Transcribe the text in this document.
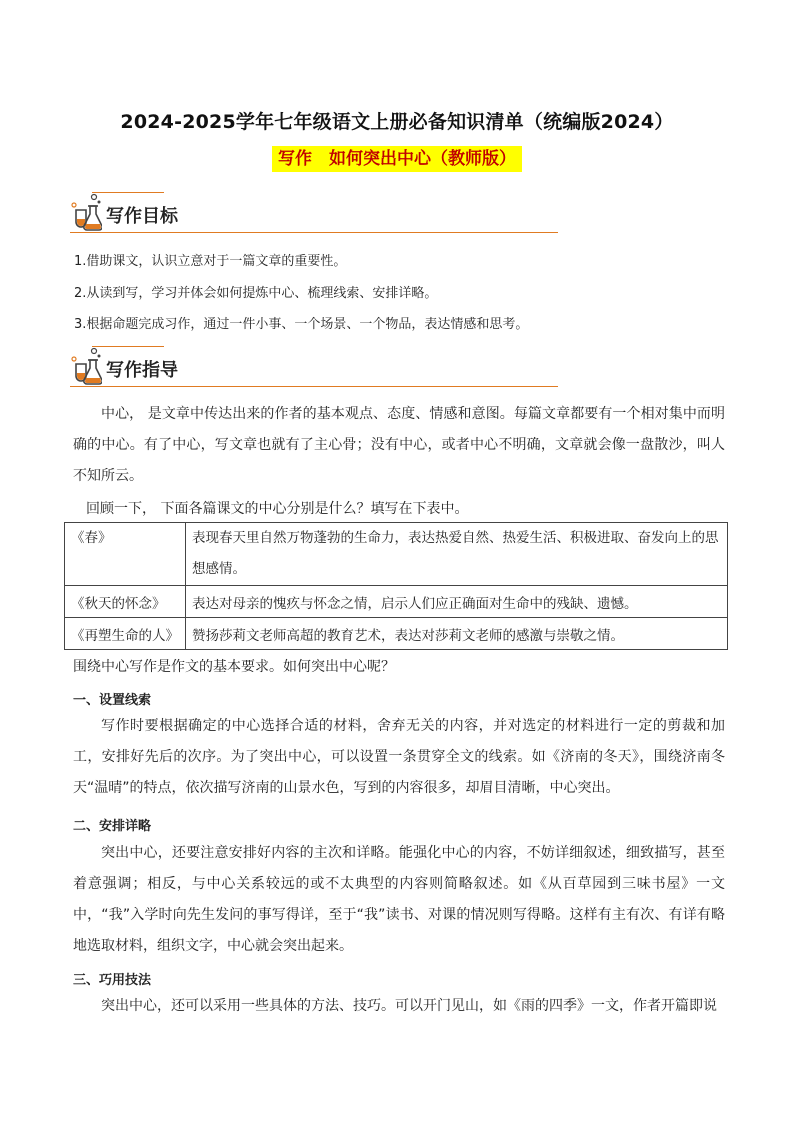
2024-2025学年七年级语文上册必备知识清单（统编版2024）
写作　如何突出中心（教师版）
写作目标
1.借助课文，认识立意对于一篇文章的重要性。
2.从读到写，学习并体会如何提炼中心、梳理线索、安排详略。
3.根据命题完成习作，通过一件小事、一个场景、一个物品，表达情感和思考。
写作指导

中心， 是文章中传达出来的作者的基本观点、态度、情感和意图。每篇文章都要有一个相对集中而明确的中心。有了中心，写文章也就有了主心骨；没有中心，或者中心不明确，文章就会像一盘散沙，叫人不知所云。

回顾一下， 下面各篇课文的中心分别是什么？填写在下表中。
《春》	表现春天里自然万物蓬勃的生命力，表达热爱自然、热爱生活、积极进取、奋发向上的思想感情。
《秋天的怀念》	表达对母亲的愧疚与怀念之情，启示人们应正确面对生命中的残缺、遗憾。
《再塑生命的人》	赞扬莎莉文老师高超的教育艺术，表达对莎莉文老师的感激与崇敬之情。
围绕中心写作是作文的基本要求。如何突出中心呢？
一、设置线索

写作时要根据确定的中心选择合适的材料，舍弃无关的内容，并对选定的材料进行一定的剪裁和加工，安排好先后的次序。为了突出中心，可以设置一条贯穿全文的线索。如《济南的冬天》，围绕济南冬天“温晴”的特点，依次描写济南的山景水色，写到的内容很多，却眉目清晰，中心突出。

二、安排详略

突出中心，还要注意安排好内容的主次和详略。能强化中心的内容，不妨详细叙述，细致描写，甚至着意强调；相反，与中心关系较远的或不太典型的内容则简略叙述。如《从百草园到三味书屋》一文中，“我”入学时向先生发问的事写得详，至于“我”读书、对课的情况则写得略。这样有主有次、有详有略地选取材料，组织文字，中心就会突出起来。

三、巧用技法

突出中心，还可以采用一些具体的方法、技巧。可以开门见山，如《雨的四季》一文，作者开篇即说
